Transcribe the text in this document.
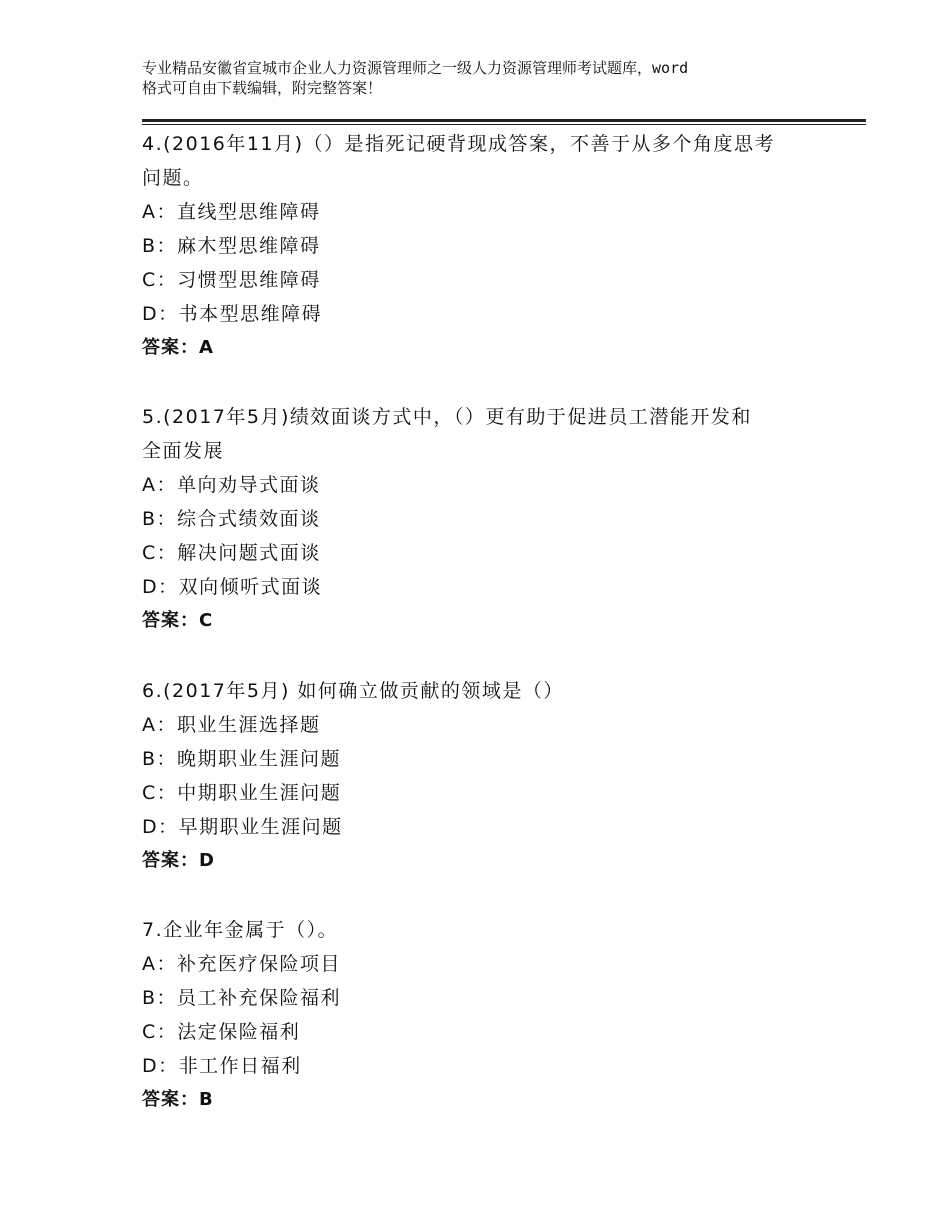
专业精品安徽省宣城市企业人力资源管理师之一级人力资源管理师考试题库，word
格式可自由下载编辑，附完整答案！
4.(2016年11月)（）是指死记硬背现成答案，不善于从多个角度思考
问题。
A：直线型思维障碍
B：麻木型思维障碍
C：习惯型思维障碍
D：书本型思维障碍
答案：A
5.(2017年5月)绩效面谈方式中，（）更有助于促进员工潜能开发和
全面发展
A：单向劝导式面谈
B：综合式绩效面谈
C：解决问题式面谈
D：双向倾听式面谈
答案：C
6.(2017年5月) 如何确立做贡献的领域是（）
A：职业生涯选择题
B：晚期职业生涯问题
C：中期职业生涯问题
D：早期职业生涯问题
答案：D
7.企业年金属于（）。
A：补充医疗保险项目
B：员工补充保险福利
C：法定保险福利
D：非工作日福利
答案：B
